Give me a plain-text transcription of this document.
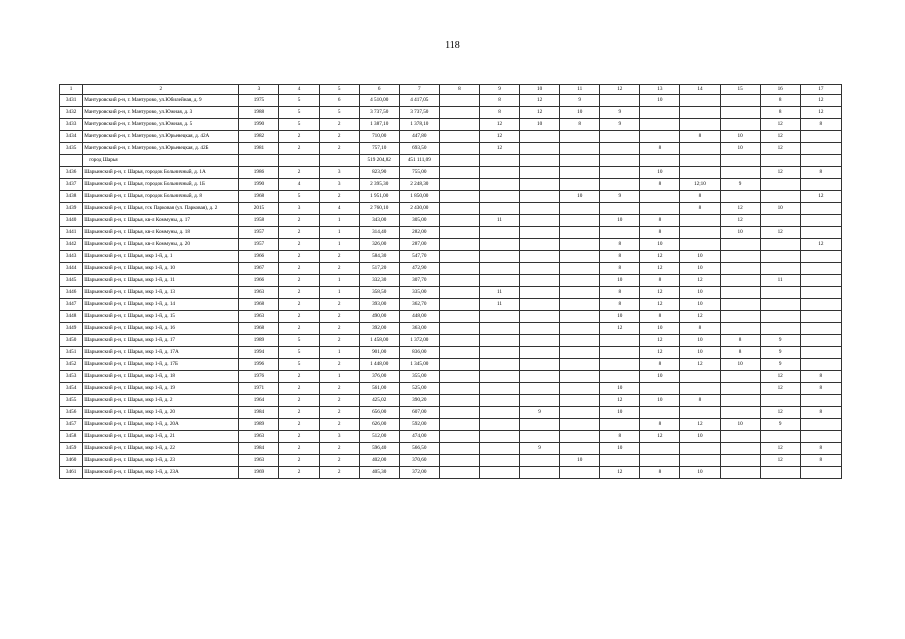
118
1	2	3	4	5	6	7	8	9	10	11	12	13	14	15	16	17
3431	Мантуровский р-н, г. Мантурово, ул.Юбилейная, д. 9	1975	5	6	4 510,00	4 417,05		8	12	9		10			8	12
3432	Мантуровский р-н, г. Мантурово, ул.Южная, д. 3	1988	5	5	3 737,50	3 737,50		8	12	10	9				8	12
3433	Мантуровский р-н, г. Мантурово, ул.Южная, д. 5	1990	5	2	1 387,10	1 378,10		12	10	8	9				12	8
3434	Мантуровский р-н, г. Мантурово, ул.Юрьевецкая, д. 42А	1982	2	2	710,00	447,80		12					8	10	12	
3435	Мантуровский р-н, г. Мантурово, ул.Юрьевецкая, д. 42Б	1981	2	2	757,10	693,50		12				8		10	12	
	город Шарья				519 204,82	451 111,09										
3436	Шарьинский р-н, г. Шарья, городок Больничный, д. 1А	1986	2	3	823,90	755,00						10			12	8
3437	Шарьинский р-н, г. Шарья, городок Больничный, д. 1Б	1990	4	3	2 395,30	2 248,30						8	12;10	9		
3438	Шарьинский р-н, г. Шарья, городок Больничный, д. 8	1968	5	2	1 951,00	1 850,00				10	9		8			12
3439	Шарьинский р-н, г. Шарья, гск Парковая (ул. Парковая), д. 2	2015	3	4	2 760,10	2 430,00							8	12	10	
3440	Шарьинский р-н, г. Шарья, кв-л Коммуны, д. 17	1958	2	1	343,00	305,00		11			10	8		12		
3441	Шарьинский р-н, г. Шарья, кв-л Коммуны, д. 18	1957	2	1	314,40	282,00						8		10	12	
3442	Шарьинский р-н, г. Шарья, кв-л Коммуны, д. 20	1957	2	1	326,00	287,00					8	10				12
3443	Шарьинский р-н, г. Шарья, мкр 1-й, д. 1	1966	2	2	584,30	547,70					8	12	10			
3444	Шарьинский р-н, г. Шарья, мкр 1-й, д. 10	1967	2	2	517,20	472,90					8	12	10			
3445	Шарьинский р-н, г. Шарья, мкр 1-й, д. 11	1966	2	1	332,30	307,70					10	8	12		11	
3446	Шарьинский р-н, г. Шарья, мкр 1-й, д. 13	1963	2	1	358,50	335,00		11			8	12	10			
3447	Шарьинский р-н, г. Шарья, мкр 1-й, д. 14	1968	2	2	393,00	362,70		11			8	12	10			
3448	Шарьинский р-н, г. Шарья, мкр 1-й, д. 15	1963	2	2	490,00	448,00					10	8	12			
3449	Шарьинский р-н, г. Шарья, мкр 1-й, д. 16	1968	2	2	392,00	363,00					12	10	8			
3450	Шарьинский р-н, г. Шарья, мкр 1-й, д. 17	1989	5	2	1 458,00	1 372,00						12	10	8	9	
3451	Шарьинский р-н, г. Шарья, мкр 1-й, д. 17А	1994	5	1	901,00	836,00						12	10	8	9	
3452	Шарьинский р-н, г. Шарья, мкр 1-й, д. 17Б	1996	5	2	1 448,00	1 345,00						8	12	10	9	
3453	Шарьинский р-н, г. Шарья, мкр 1-й, д. 18	1976	2	1	376,00	355,00						10			12	8
3454	Шарьинский р-н, г. Шарья, мкр 1-й, д. 19	1971	2	2	561,00	525,00					10				12	8
3455	Шарьинский р-н, г. Шарья, мкр 1-й, д. 2	1964	2	2	425,02	390,20					12	10	8			
3456	Шарьинский р-н, г. Шарья, мкр 1-й, д. 20	1984	2	2	656,00	607,00			9		10				12	8
3457	Шарьинский р-н, г. Шарья, мкр 1-й, д. 20А	1989	2	2	626,00	592,00						8	12	10	9	
3458	Шарьинский р-н, г. Шарья, мкр 1-й, д. 21	1963	2	3	512,00	474,00					8	12	10			
3459	Шарьинский р-н, г. Шарья, мкр 1-й, д. 22	1984	2	2	596,40	566,50			9		10				12	8
3460	Шарьинский р-н, г. Шарья, мкр 1-й, д. 23	1963	2	2	402,00	370,60				10					12	8
3461	Шарьинский р-н, г. Шарья, мкр 1-й, д. 23А	1969	2	2	405,30	372,00					12	8	10			
